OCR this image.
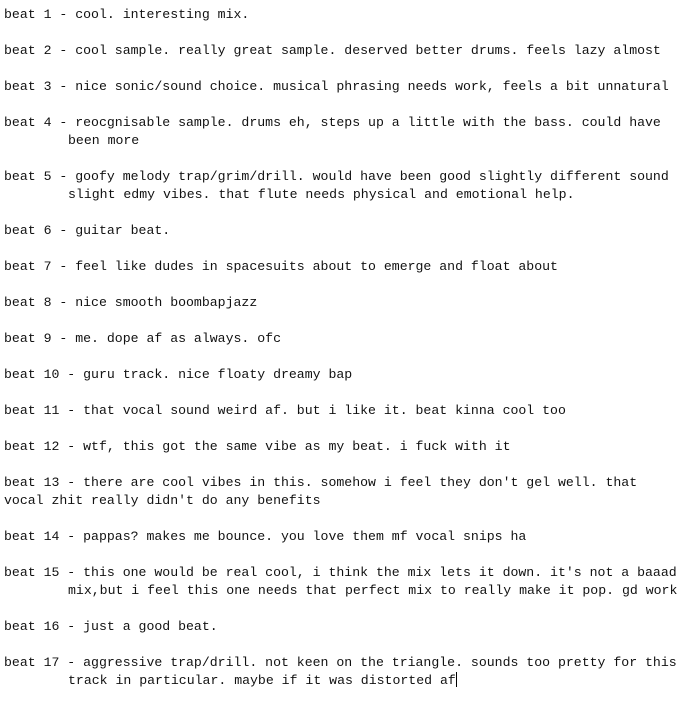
beat 1 - cool. interesting mix.
beat 2 - cool sample. really great sample. deserved better drums. feels lazy almost
beat 3 - nice sonic/sound choice. musical phrasing needs work, feels a bit unnatural
beat 4 - reocgnisable sample. drums eh, steps up a little with the bass. could have
been more
beat 5 - goofy melody trap/grim/drill. would have been good slightly different sound
slight edmy vibes. that flute needs physical and emotional help.
beat 6 - guitar beat.
beat 7 - feel like dudes in spacesuits about to emerge and float about
beat 8 - nice smooth boombapjazz
beat 9 - me. dope af as always. ofc
beat 10 - guru track. nice floaty dreamy bap
beat 11 - that vocal sound weird af. but i like it. beat kinna cool too
beat 12 - wtf, this got the same vibe as my beat. i fuck with it
beat 13 - there are cool vibes in this. somehow i feel they don't gel well. that
vocal zhit really didn't do any benefits
beat 14 - pappas? makes me bounce. you love them mf vocal snips ha
beat 15 - this one would be real cool, i think the mix lets it down. it's not a baaad
mix,but i feel this one needs that perfect mix to really make it pop. gd work
beat 16 - just a good beat.
beat 17 - aggressive trap/drill. not keen on the triangle. sounds too pretty for this
track in particular. maybe if it was distorted af
